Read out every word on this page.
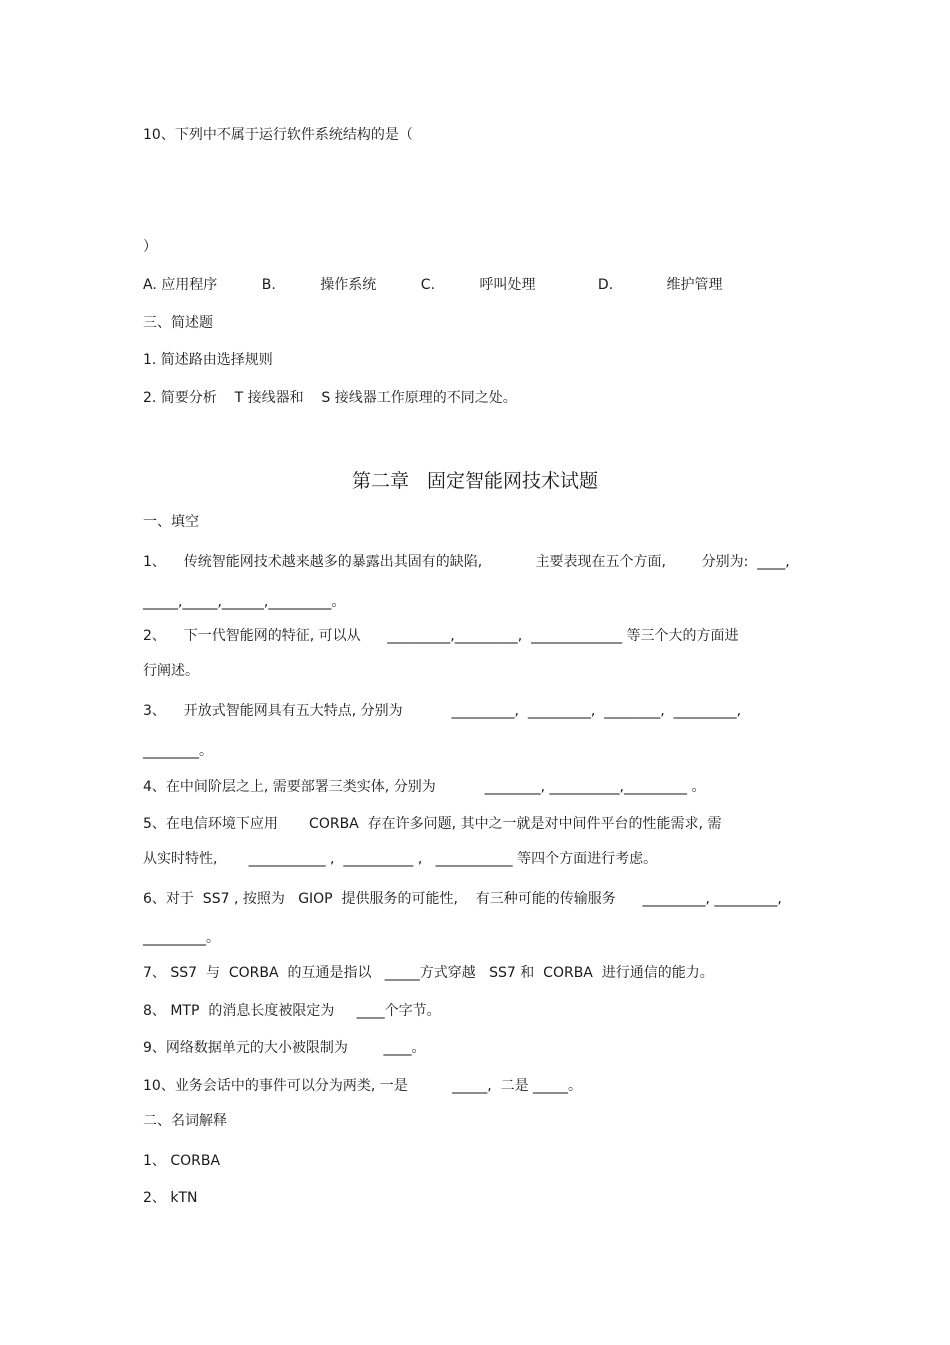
10、下列中不属于运行软件系统结构的是（
）
A. 应用程序          B.          操作系统          C.          呼叫处理              D.            维护管理
三、简述题
1. 简述路由选择规则
2. 简要分析    T 接线器和    S 接线器工作原理的不同之处。
第二章   固定智能网技术试题
一、填空
1、    传统智能网技术越来越多的暴露出其固有的缺陷,            主要表现在五个方面,        分别为:  ____,
_____,_____,______,_________。
2、    下一代智能网的特征, 可以从      _________,_________,  _____________ 等三个大的方面进
行阐述。
3、    开放式智能网具有五大特点, 分别为           _________,  _________,  ________,  _________,
________。
4、在中间阶层之上, 需要部署三类实体, 分别为           ________, __________,_________ 。
5、在电信环境下应用       CORBA  存在许多问题, 其中之一就是对中间件平台的性能需求, 需
从实时特性,       ___________ ,  __________ ,   ___________ 等四个方面进行考虑。
6、对于  SS7 , 按照为   GIOP  提供服务的可能性,    有三种可能的传输服务      _________, _________,
_________。
7、 SS7  与  CORBA  的互通是指以   _____方式穿越   SS7 和  CORBA  进行通信的能力。
8、 MTP  的消息长度被限定为     ____个字节。
9、网络数据单元的大小被限制为        ____。
10、业务会话中的事件可以分为两类, 一是          _____,  二是 _____。
二、名词解释
1、 CORBA
2、 kTN
